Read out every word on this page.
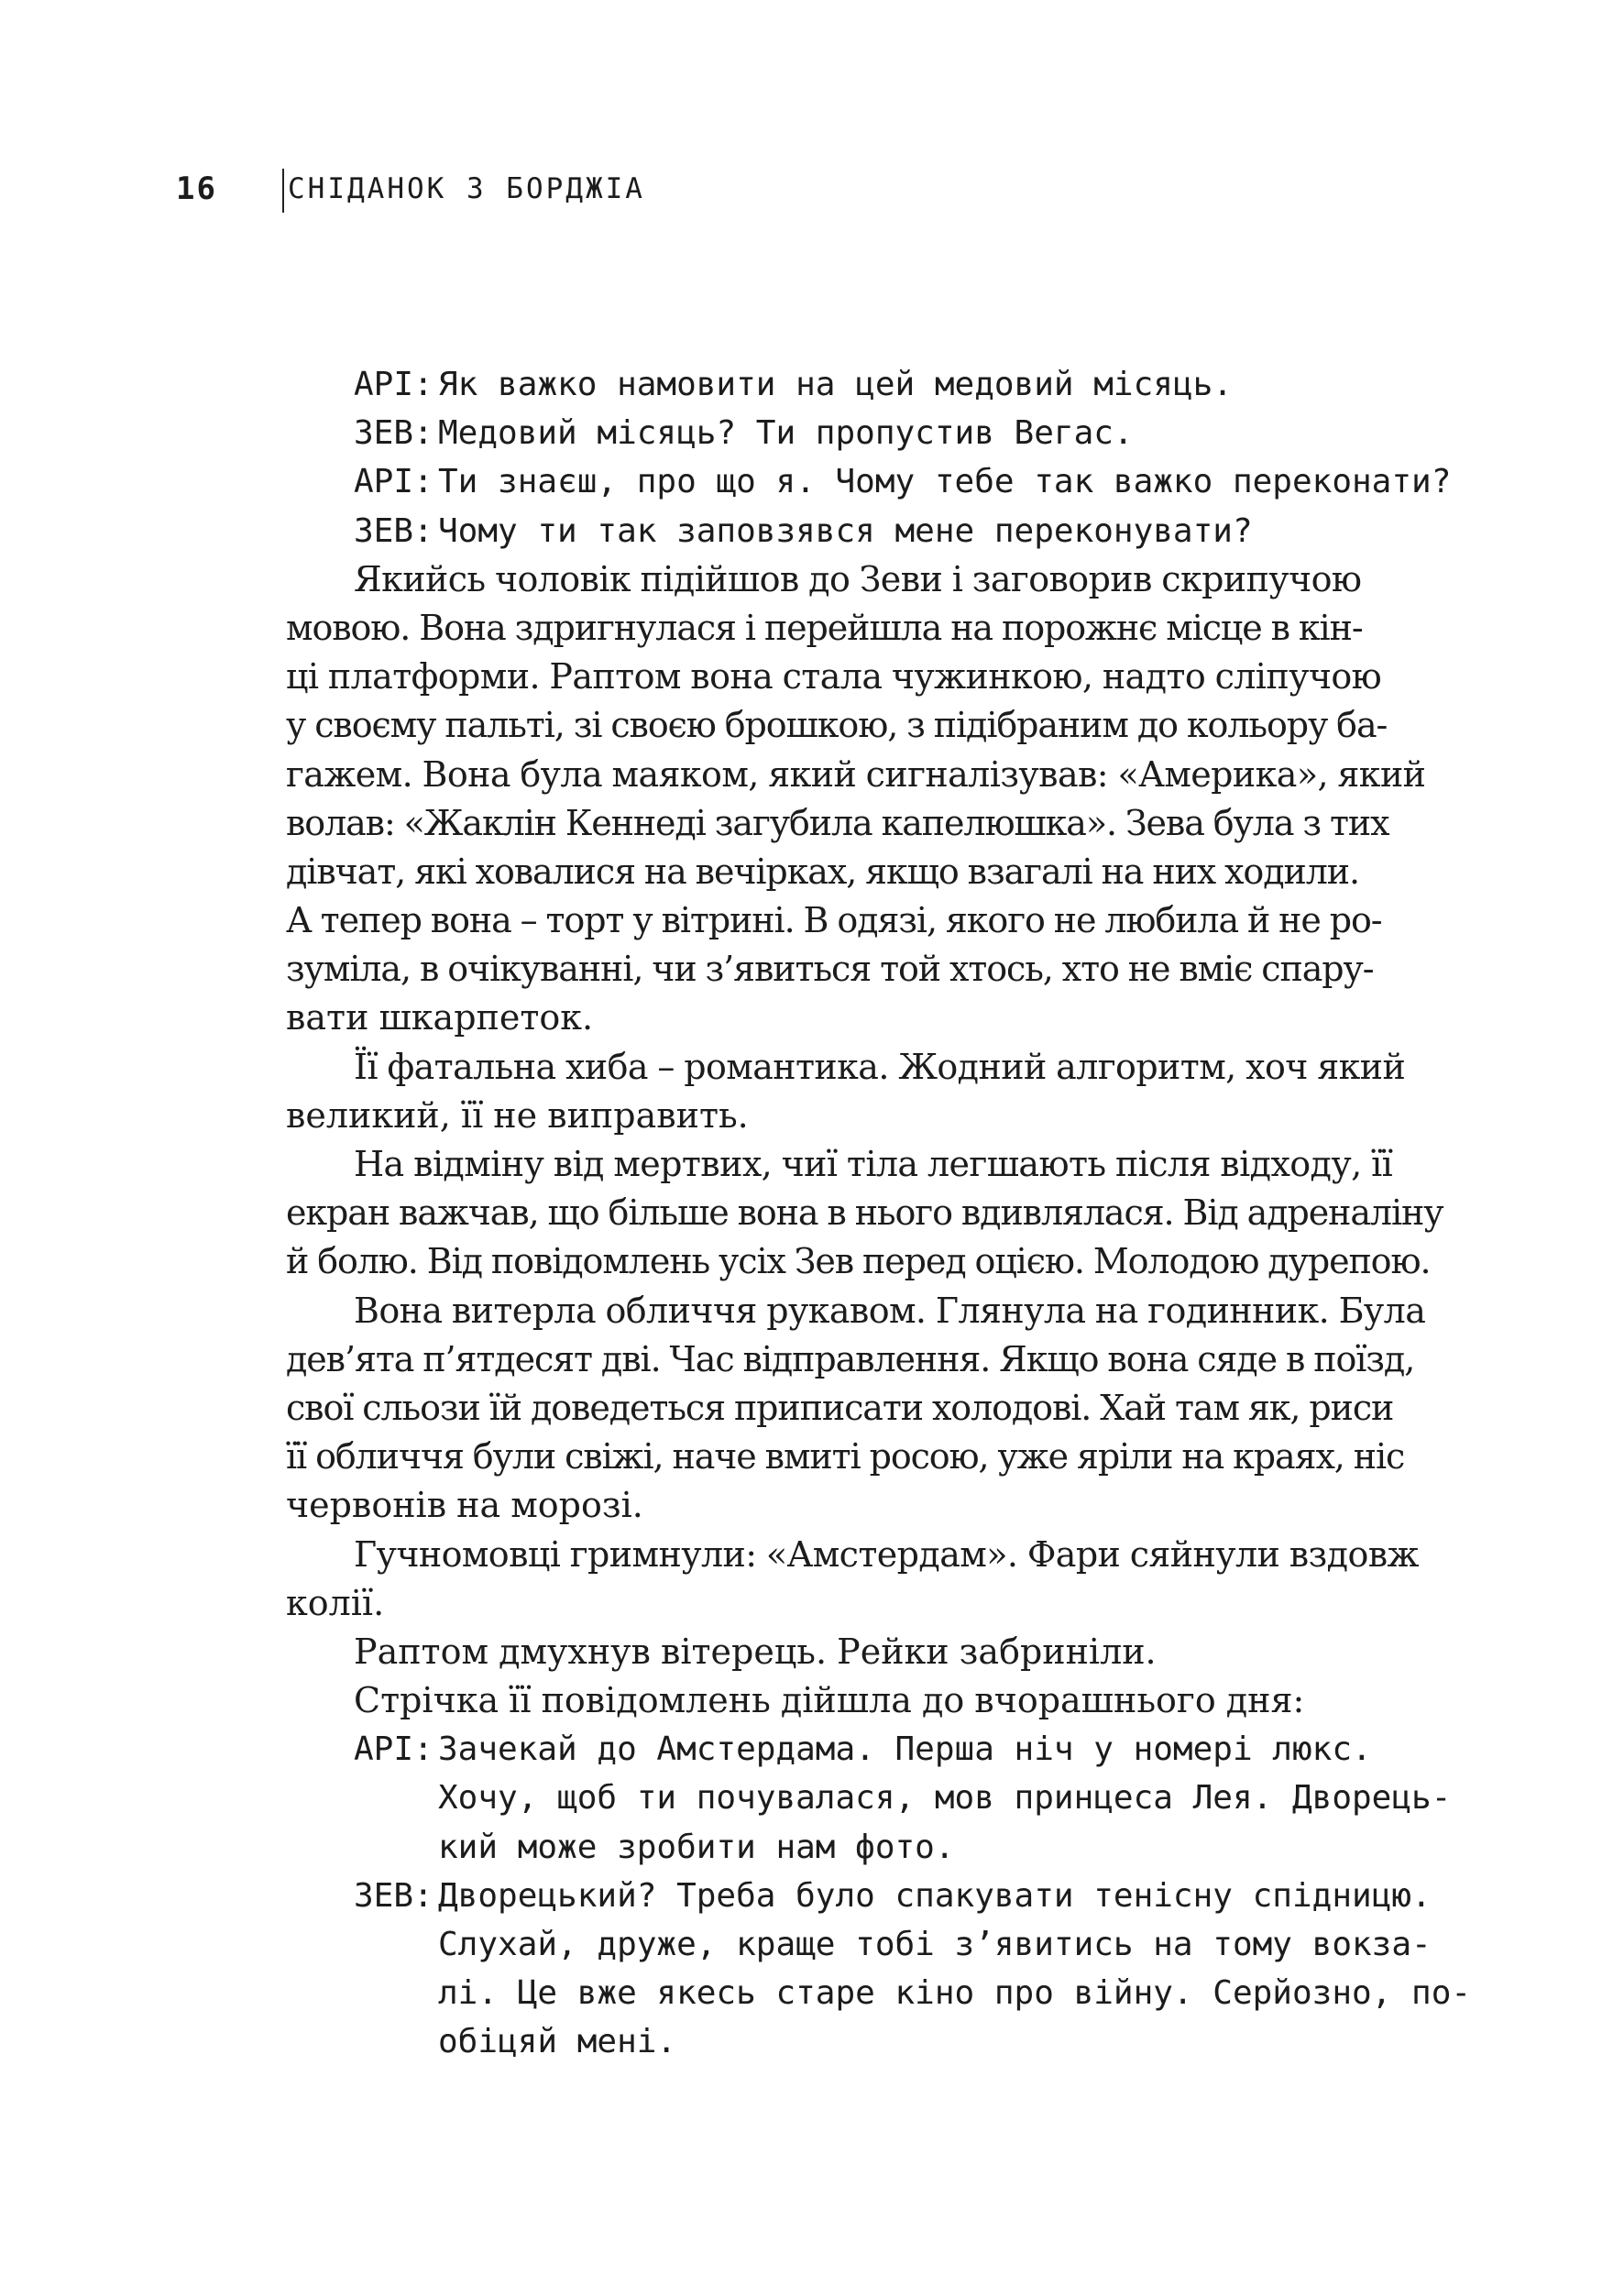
16 СНІДАНОК З БОРДЖІА
АРІ: Як важко намовити на цей медовий місяць.
ЗЕВ: Медовий місяць? Ти пропустив Вегас.
АРІ: Ти знаєш, про що я. Чому тебе так важко переконати?
ЗЕВ: Чому ти так заповзявся мене переконувати?
Якийсь чоловік підійшов до Зеви і заговорив скрипучою
мовою. Вона здригнулася і перейшла на порожнє місце в кін-
ці платформи. Раптом вона стала чужинкою, надто сліпучою
у своєму пальті, зі своєю брошкою, з підібраним до кольору ба-
гажем. Вона була маяком, який сигналізував: «Америка», який
волав: «Жаклін Кеннеді загубила капелюшка». Зева була з тих
дівчат, які ховалися на вечірках, якщо взагалі на них ходили.
А тепер вона – торт у вітрині. В одязі, якого не любила й не ро-
зуміла, в очікуванні, чи з’явиться той хтось, хто не вміє спару-
вати шкарпеток.
Її фатальна хиба – романтика. Жодний алгоритм, хоч який
великий, її не виправить.
На відміну від мертвих, чиї тіла легшають після відходу, її
екран важчав, що більше вона в нього вдивлялася. Від адреналіну
й болю. Від повідомлень усіх Зев перед оцією. Молодою дурепою.
Вона витерла обличчя рукавом. Глянула на годинник. Була
дев’ята п’ятдесят дві. Час відправлення. Якщо вона сяде в поїзд,
свої сльози їй доведеться приписати холодові. Хай там як, риси
її обличчя були свіжі, наче вмиті росою, уже яріли на краях, ніс
червонів на морозі.
Гучномовці гримнули: «Амстердам». Фари сяйнули вздовж
колії.
Раптом дмухнув вітерець. Рейки забриніли.
Стрічка її повідомлень дійшла до вчорашнього дня:
АРІ: Зачекай до Амстердама. Перша ніч у номері люкс.
Хочу, щоб ти почувалася, мов принцеса Лея. Дворець-
кий може зробити нам фото.
ЗЕВ: Дворецький? Треба було спакувати тенісну спідницю.
Слухай, друже, краще тобі з’явитись на тому вокза-
лі. Це вже якесь старе кіно про війну. Серйозно, по-
обіцяй мені.
